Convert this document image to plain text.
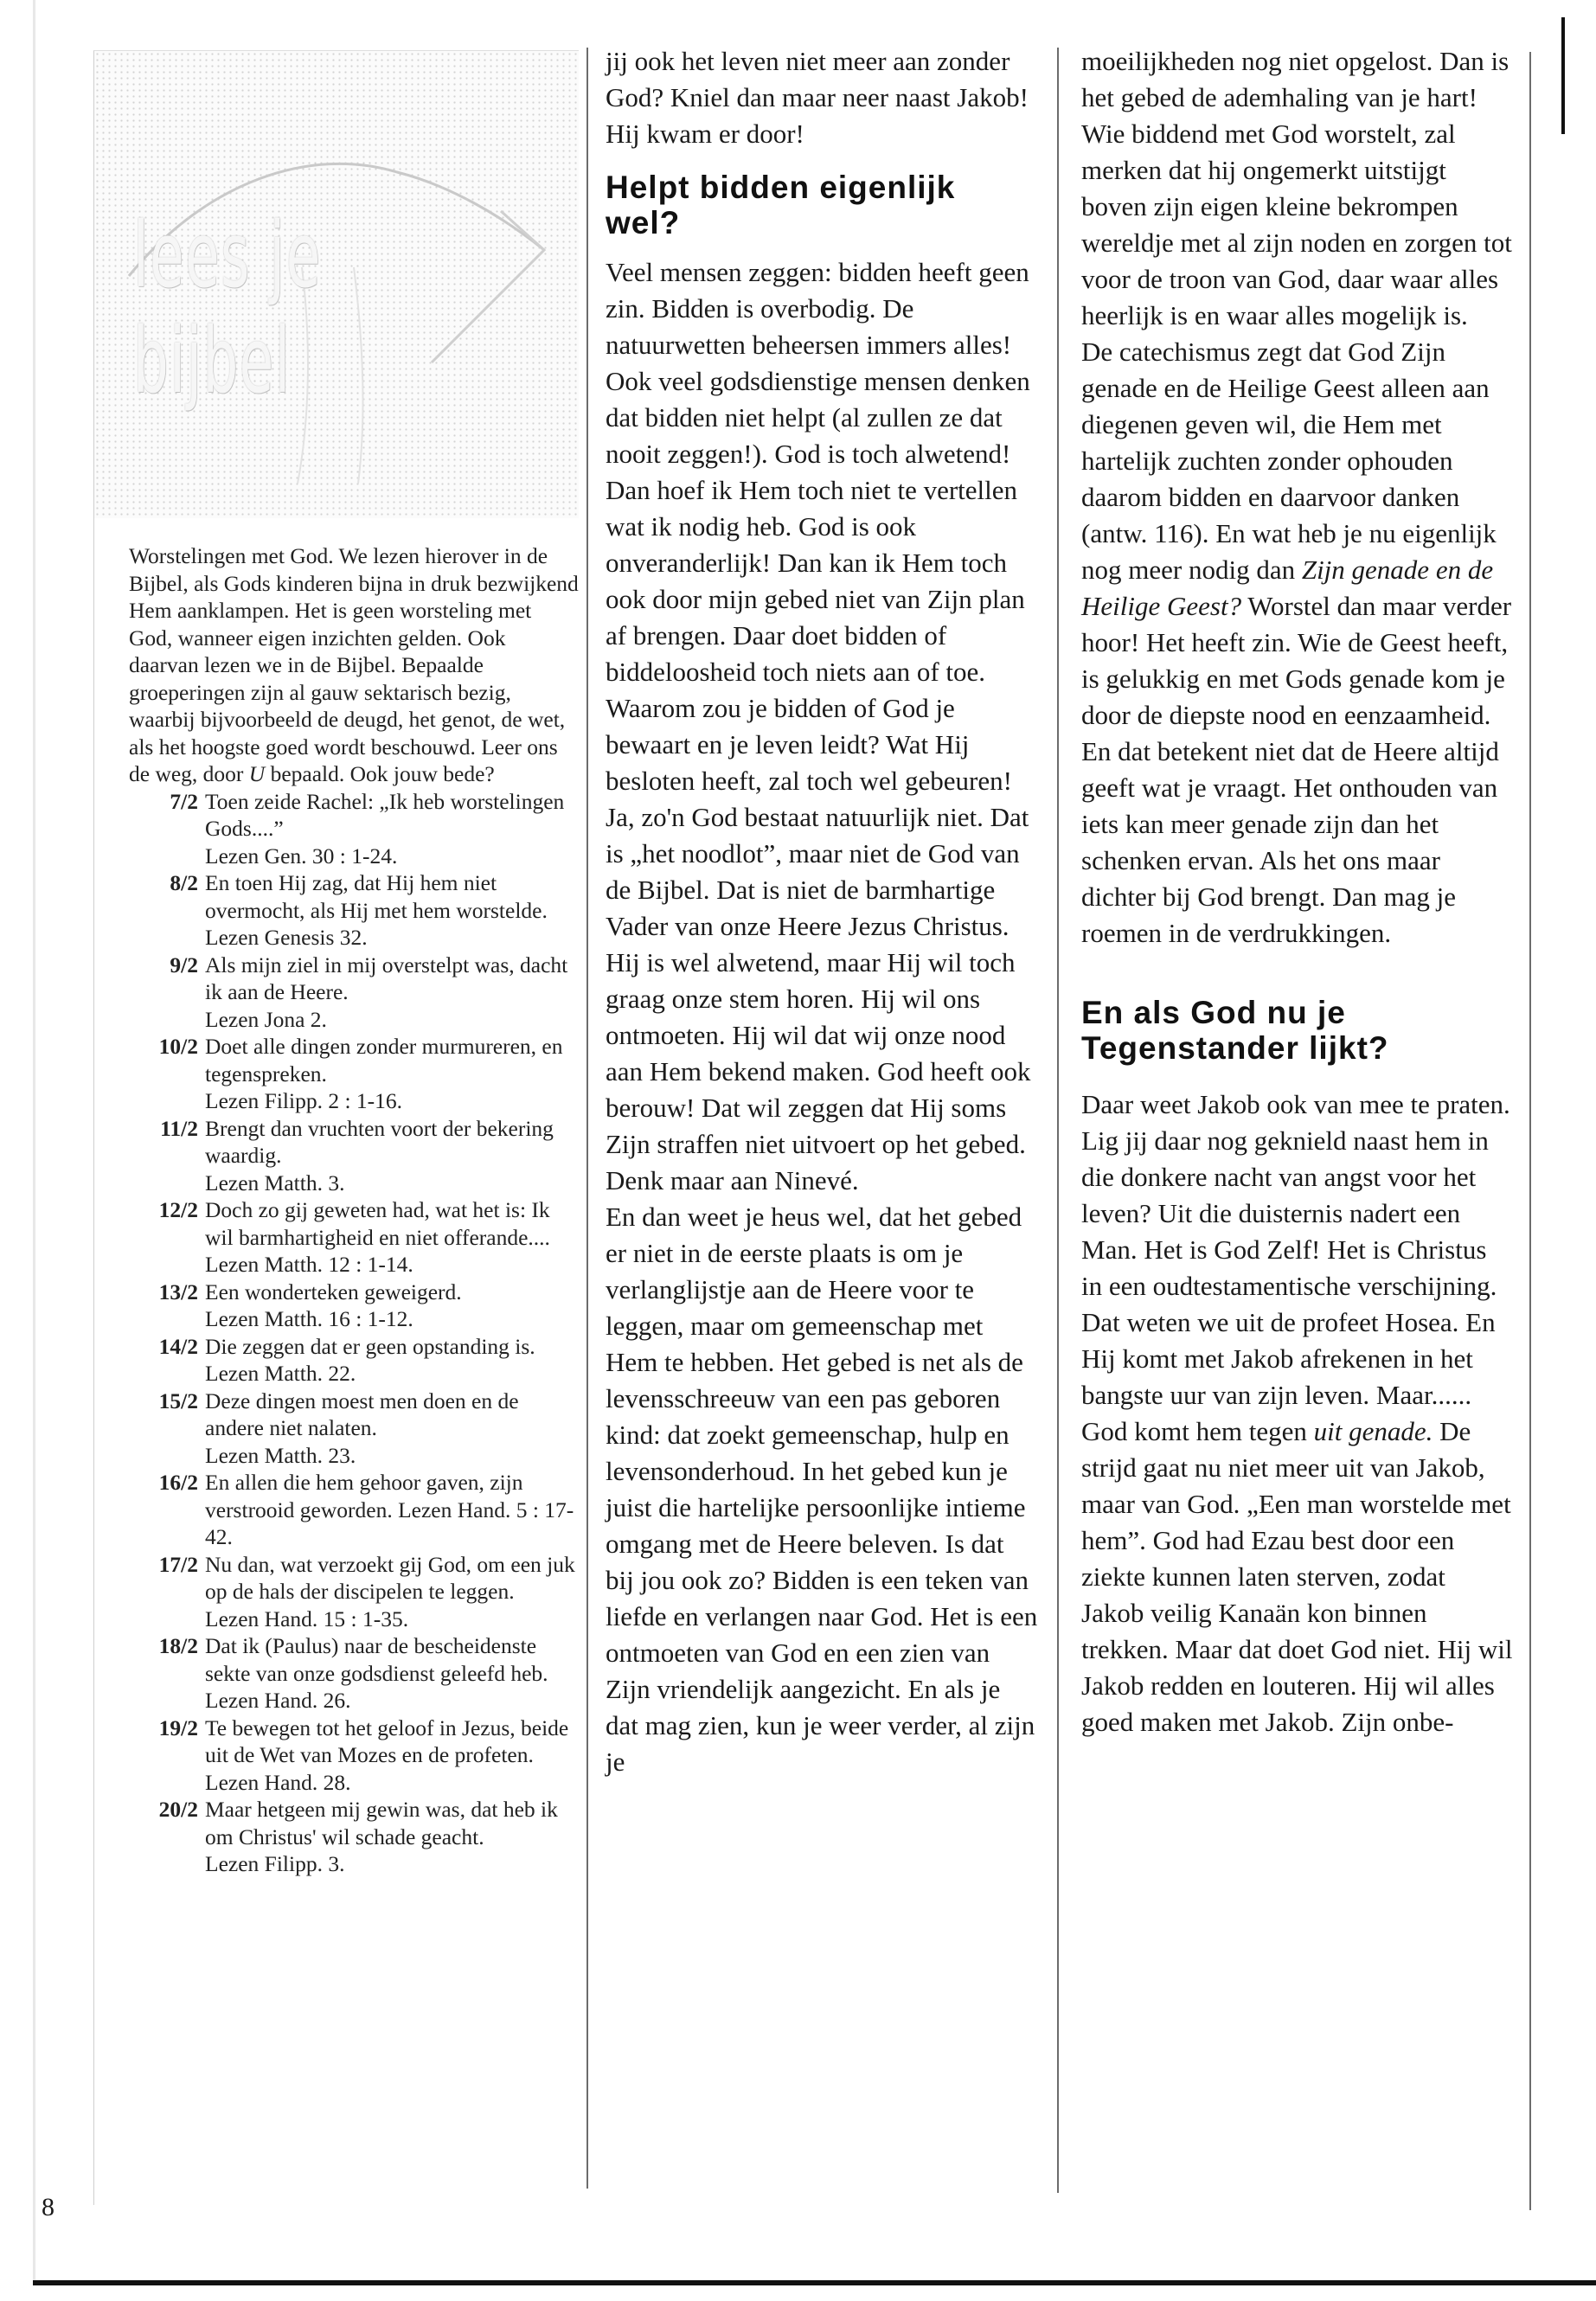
lees je bijbel

Worstelingen met God. We lezen hierover in de Bijbel, als Gods kinderen bijna in druk bezwijkend Hem aanklampen. Het is geen worsteling met God, wanneer eigen inzichten gelden. Ook daarvan lezen we in de Bijbel. Bepaalde groeperingen zijn al gauw sektarisch bezig, waarbij bijvoorbeeld de deugd, het genot, de wet, als het hoogste goed wordt beschouwd. Leer ons de weg, door U bepaald. Ook jouw bede?

7/2 Toen zeide Rachel: „Ik heb worstelingen Gods....”
Lezen Gen. 30 : 1-24.
8/2 En toen Hij zag, dat Hij hem niet overmocht, als Hij met hem worstelde.
Lezen Genesis 32.
9/2 Als mijn ziel in mij overstelpt was, dacht ik aan de Heere.
Lezen Jona 2.
10/2 Doet alle dingen zonder murmureren, en tegenspreken.
Lezen Filipp. 2 : 1-16.
11/2 Brengt dan vruchten voort der bekering waardig.
Lezen Matth. 3.
12/2 Doch zo gij geweten had, wat het is: Ik wil barmhartigheid en niet offerande....
Lezen Matth. 12 : 1-14.
13/2 Een wonderteken geweigerd.
Lezen Matth. 16 : 1-12.
14/2 Die zeggen dat er geen opstanding is.
Lezen Matth. 22.
15/2 Deze dingen moest men doen en de andere niet nalaten.
Lezen Matth. 23.
16/2 En allen die hem gehoor gaven, zijn verstrooid geworden. Lezen Hand. 5 : 17-42.
17/2 Nu dan, wat verzoekt gij God, om een juk op de hals der discipelen te leggen.
Lezen Hand. 15 : 1-35.
18/2 Dat ik (Paulus) naar de bescheidenste sekte van onze godsdienst geleefd heb.
Lezen Hand. 26.
19/2 Te bewegen tot het geloof in Jezus, beide uit de Wet van Mozes en de profeten.
Lezen Hand. 28.
20/2 Maar hetgeen mij gewin was, dat heb ik om Christus' wil schade geacht.
Lezen Filipp. 3.

jij ook het leven niet meer aan zonder God? Kniel dan maar neer naast Jakob! Hij kwam er door!

Helpt bidden eigenlijk wel?

Veel mensen zeggen: bidden heeft geen zin. Bidden is overbodig. De natuurwetten beheersen immers alles! Ook veel godsdienstige mensen denken dat bidden niet helpt (al zullen ze dat nooit zeggen!). God is toch alwetend! Dan hoef ik Hem toch niet te vertellen wat ik nodig heb. God is ook onveranderlijk! Dan kan ik Hem toch ook door mijn gebed niet van Zijn plan af brengen. Daar doet bidden of biddeloosheid toch niets aan of toe. Waarom zou je bidden of God je bewaart en je leven leidt? Wat Hij besloten heeft, zal toch wel gebeuren!

Ja, zo'n God bestaat natuurlijk niet. Dat is „het noodlot”, maar niet de God van de Bijbel. Dat is niet de barmhartige Vader van onze Heere Jezus Christus. Hij is wel alwetend, maar Hij wil toch graag onze stem horen. Hij wil ons ontmoeten. Hij wil dat wij onze nood aan Hem bekend maken. God heeft ook berouw! Dat wil zeggen dat Hij soms Zijn straffen niet uitvoert op het gebed. Denk maar aan Ninevé.

En dan weet je heus wel, dat het gebed er niet in de eerste plaats is om je verlanglijstje aan de Heere voor te leggen, maar om gemeenschap met Hem te hebben. Het gebed is net als de levensschreeuw van een pas geboren kind: dat zoekt gemeenschap, hulp en levensonderhoud. In het gebed kun je juist die hartelijke persoonlijke intieme omgang met de Heere beleven. Is dat bij jou ook zo? Bidden is een teken van liefde en verlangen naar God. Het is een ontmoeten van God en een zien van Zijn vriendelijk aangezicht. En als je dat mag zien, kun je weer verder, al zijn je

moeilijkheden nog niet opgelost. Dan is het gebed de ademhaling van je hart!

Wie biddend met God worstelt, zal merken dat hij ongemerkt uitstijgt boven zijn eigen kleine bekrompen wereldje met al zijn noden en zorgen tot voor de troon van God, daar waar alles heerlijk is en waar alles mogelijk is.

De catechismus zegt dat God Zijn genade en de Heilige Geest alleen aan diegenen geven wil, die Hem met hartelijk zuchten zonder ophouden daarom bidden en daarvoor danken (antw. 116). En wat heb je nu eigenlijk nog meer nodig dan Zijn genade en de Heilige Geest? Worstel dan maar verder hoor! Het heeft zin. Wie de Geest heeft, is gelukkig en met Gods genade kom je door de diepste nood en eenzaamheid. En dat betekent niet dat de Heere altijd geeft wat je vraagt. Het onthouden van iets kan meer genade zijn dan het schenken ervan. Als het ons maar dichter bij God brengt. Dan mag je roemen in de verdrukkingen.

En als God nu je Tegenstander lijkt?

Daar weet Jakob ook van mee te praten. Lig jij daar nog geknield naast hem in die donkere nacht van angst voor het leven? Uit die duisternis nadert een Man. Het is God Zelf! Het is Christus in een oudtestamentische verschijning. Dat weten we uit de profeet Hosea. En Hij komt met Jakob afrekenen in het bangste uur van zijn leven. Maar...... God komt hem tegen uit genade. De strijd gaat nu niet meer uit van Jakob, maar van God. „Een man worstelde met hem”. God had Ezau best door een ziekte kunnen laten sterven, zodat Jakob veilig Kanaän kon binnen trekken. Maar dat doet God niet. Hij wil Jakob redden en louteren. Hij wil alles goed maken met Jakob. Zijn onbe-

8
